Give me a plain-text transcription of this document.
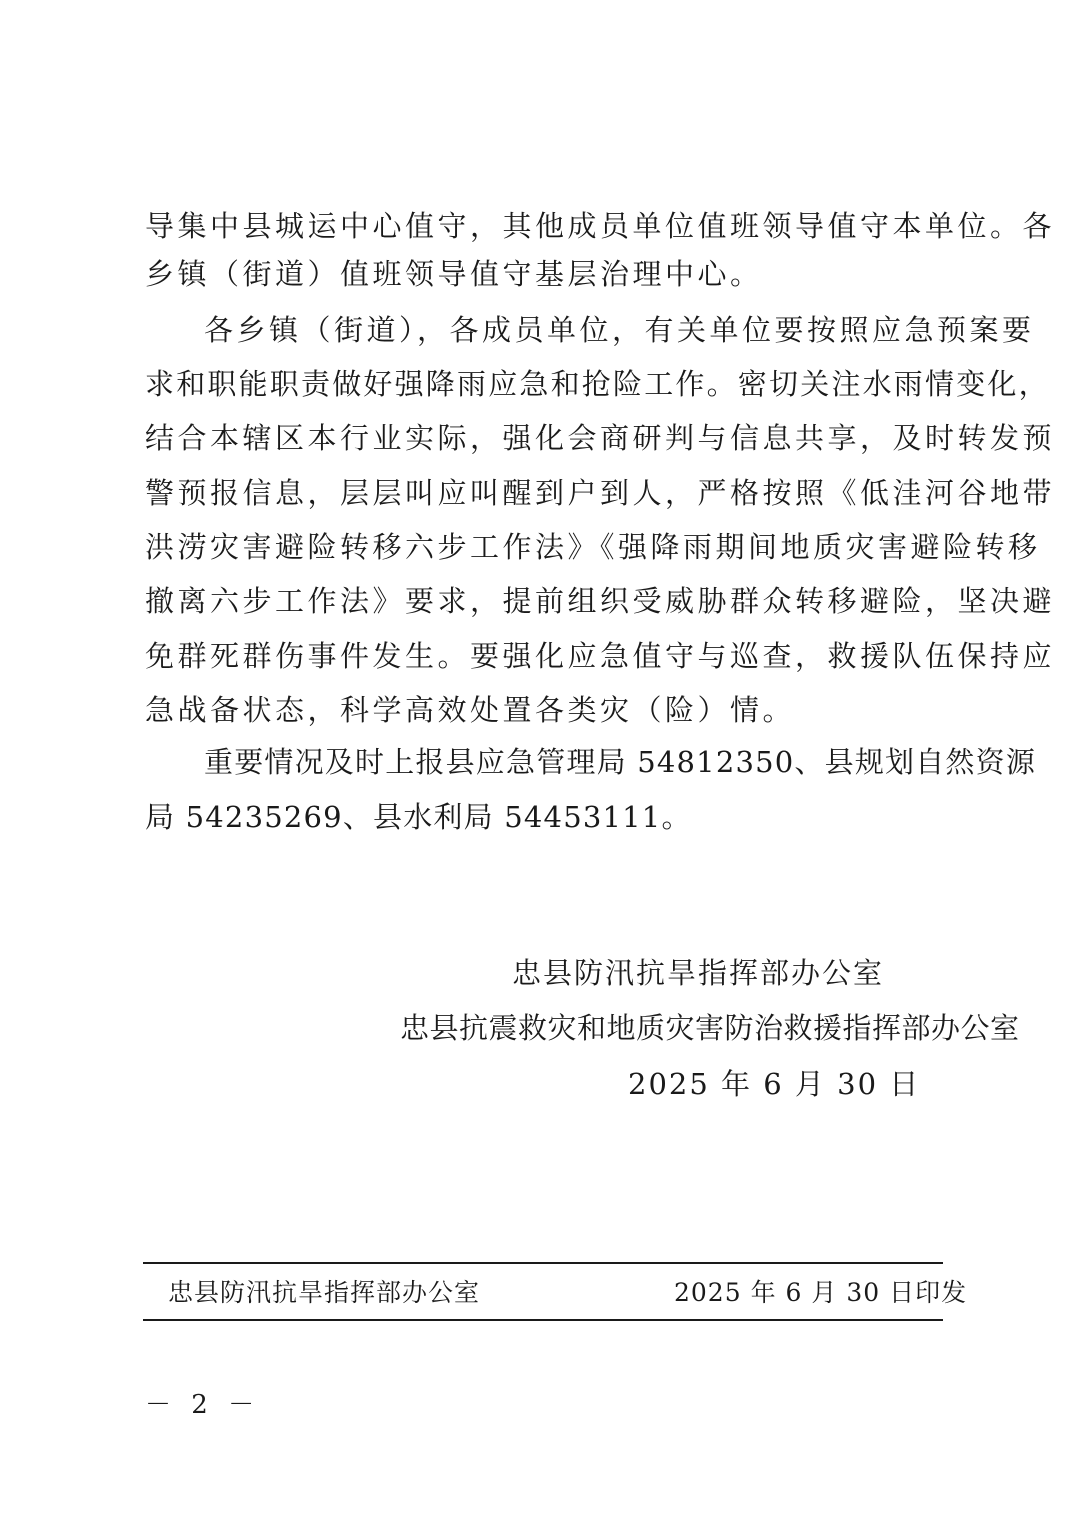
导集中县城运中心值守，其他成员单位值班领导值守本单位。各
乡镇（街道）值班领导值守基层治理中心。
各乡镇（街道），各成员单位，有关单位要按照应急预案要
求和职能职责做好强降雨应急和抢险工作。密切关注水雨情变化，
结合本辖区本行业实际，强化会商研判与信息共享，及时转发预
警预报信息，层层叫应叫醒到户到人，严格按照《低洼河谷地带
洪涝灾害避险转移六步工作法》《强降雨期间地质灾害避险转移
撤离六步工作法》要求，提前组织受威胁群众转移避险，坚决避
免群死群伤事件发生。要强化应急值守与巡查，救援队伍保持应
急战备状态，科学高效处置各类灾（险）情。
重要情况及时上报县应急管理局 54812350、县规划自然资源
局 54235269、县水利局 54453111。
忠县防汛抗旱指挥部办公室
忠县抗震救灾和地质灾害防治救援指挥部办公室
2025 年 6 月 30 日
忠县防汛抗旱指挥部办公室	2025 年 6 月 30 日印发
－ 2 －
